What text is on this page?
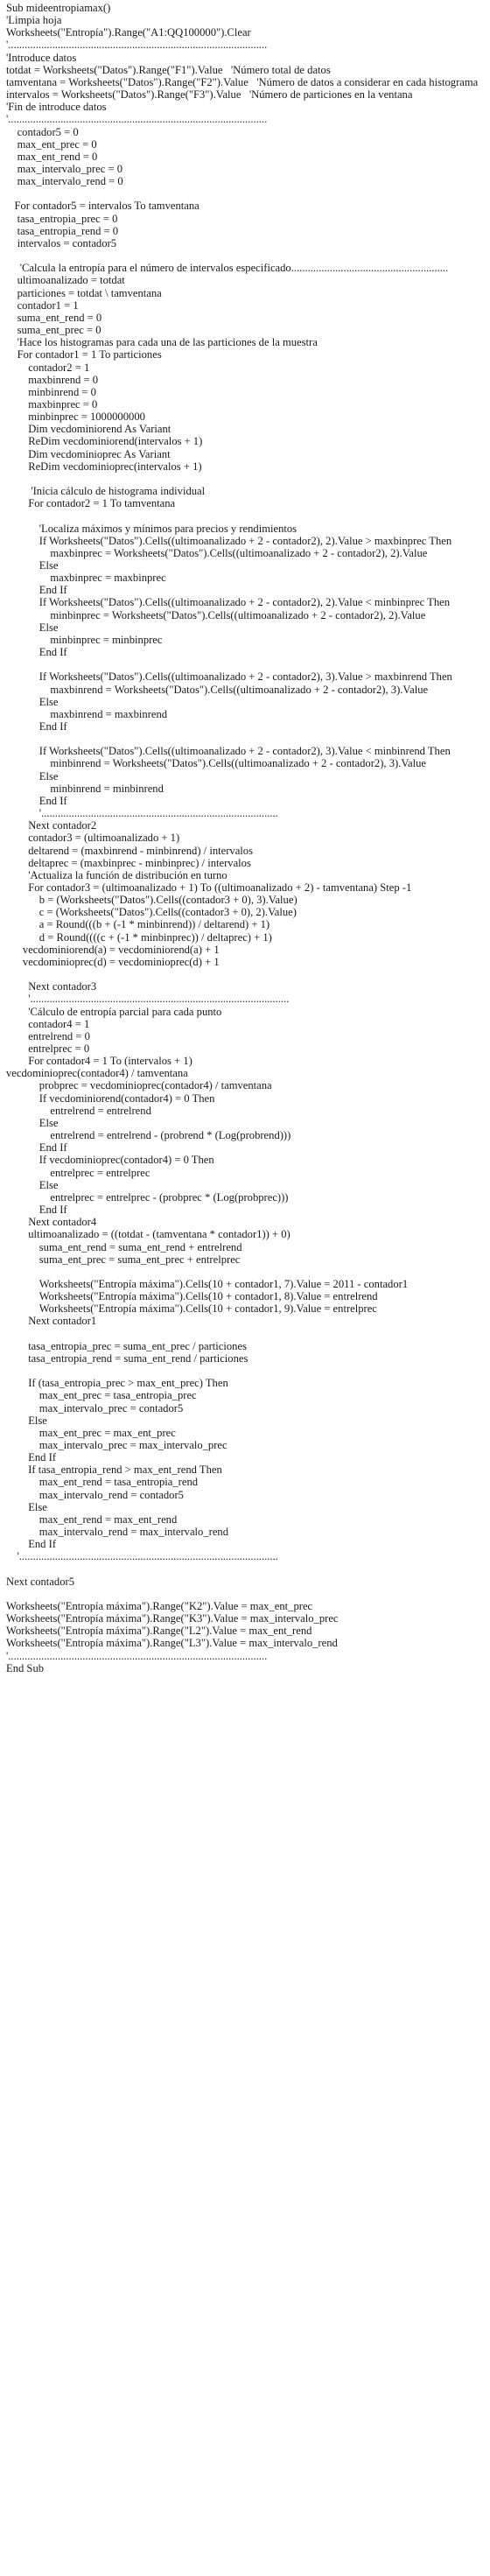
Sub mideentropiamax()
'Limpia hoja
Worksheets("Entropía").Range("A1:QQ100000").Clear
'..............................................................................................
'Introduce datos
totdat = Worksheets("Datos").Range("F1").Value   'Número total de datos
tamventana = Worksheets("Datos").Range("F2").Value   'Número de datos a considerar en cada histograma
intervalos = Worksheets("Datos").Range("F3").Value   'Número de particiones en la ventana
'Fin de introduce datos
'..............................................................................................
contador5 = 0
max_ent_prec = 0
max_ent_rend = 0
max_intervalo_prec = 0
max_intervalo_rend = 0
For contador5 = intervalos To tamventana
tasa_entropia_prec = 0
tasa_entropia_rend = 0
intervalos = contador5
'Calcula la entropía para el número de intervalos especificado.........................................................
ultimoanalizado = totdat
particiones = totdat \ tamventana
contador1 = 1
suma_ent_rend = 0
suma_ent_prec = 0
'Hace los histogramas para cada una de las particiones de la muestra
For contador1 = 1 To particiones
contador2 = 1
maxbinrend = 0
minbinrend = 0
maxbinprec = 0
minbinprec = 1000000000
Dim vecdominiorend As Variant
ReDim vecdominiorend(intervalos + 1)
Dim vecdominioprec As Variant
ReDim vecdominioprec(intervalos + 1)
'Inicia cálculo de histograma individual
For contador2 = 1 To tamventana
'Localiza máximos y mínimos para precios y rendimientos
If Worksheets("Datos").Cells((ultimoanalizado + 2 - contador2), 2).Value > maxbinprec Then
maxbinprec = Worksheets("Datos").Cells((ultimoanalizado + 2 - contador2), 2).Value
Else
maxbinprec = maxbinprec
End If
If Worksheets("Datos").Cells((ultimoanalizado + 2 - contador2), 2).Value < minbinprec Then
minbinprec = Worksheets("Datos").Cells((ultimoanalizado + 2 - contador2), 2).Value
Else
minbinprec = minbinprec
End If
If Worksheets("Datos").Cells((ultimoanalizado + 2 - contador2), 3).Value > maxbinrend Then
maxbinrend = Worksheets("Datos").Cells((ultimoanalizado + 2 - contador2), 3).Value
Else
maxbinrend = maxbinrend
End If
If Worksheets("Datos").Cells((ultimoanalizado + 2 - contador2), 3).Value < minbinrend Then
minbinrend = Worksheets("Datos").Cells((ultimoanalizado + 2 - contador2), 3).Value
Else
minbinrend = minbinrend
End If
'......................................................................................
Next contador2
contador3 = (ultimoanalizado + 1)
deltarend = (maxbinrend - minbinrend) / intervalos
deltaprec = (maxbinprec - minbinprec) / intervalos
'Actualiza la función de distribución en turno
For contador3 = (ultimoanalizado + 1) To ((ultimoanalizado + 2) - tamventana) Step -1
b = (Worksheets("Datos").Cells((contador3 + 0), 3).Value)
c = (Worksheets("Datos").Cells((contador3 + 0), 2).Value)
a = Round(((b + (-1 * minbinrend)) / deltarend) + 1)
d = Round((((c + (-1 * minbinprec)) / deltaprec) + 1)
vecdominiorend(a) = vecdominiorend(a) + 1
vecdominioprec(d) = vecdominioprec(d) + 1
Next contador3
'..............................................................................................
'Cálculo de entropía parcial para cada punto
contador4 = 1
entrelrend = 0
entrelprec = 0
For contador4 = 1 To (intervalos + 1)
vecdominioprec(contador4) / tamventana
probprec = vecdominioprec(contador4) / tamventana
If vecdominiorend(contador4) = 0 Then
entrelrend = entrelrend
Else
entrelrend = entrelrend - (probrend * (Log(probrend)))
End If
If vecdominioprec(contador4) = 0 Then
entrelprec = entrelprec
Else
entrelprec = entrelprec - (probprec * (Log(probprec)))
End If
Next contador4
ultimoanalizado = ((totdat - (tamventana * contador1)) + 0)
suma_ent_rend = suma_ent_rend + entrelrend
suma_ent_prec = suma_ent_prec + entrelprec
Worksheets("Entropía máxima").Cells(10 + contador1, 7).Value = 2011 - contador1
Worksheets("Entropía máxima").Cells(10 + contador1, 8).Value = entrelrend
Worksheets("Entropía máxima").Cells(10 + contador1, 9).Value = entrelprec
Next contador1
tasa_entropia_prec = suma_ent_prec / particiones
tasa_entropia_rend = suma_ent_rend / particiones
If (tasa_entropia_prec > max_ent_prec) Then
max_ent_prec = tasa_entropia_prec
max_intervalo_prec = contador5
Else
max_ent_prec = max_ent_prec
max_intervalo_prec = max_intervalo_prec
End If
If tasa_entropia_rend > max_ent_rend Then
max_ent_rend = tasa_entropia_rend
max_intervalo_rend = contador5
Else
max_ent_rend = max_ent_rend
max_intervalo_rend = max_intervalo_rend
End If
'..............................................................................................
Next contador5
Worksheets("Entropía máxima").Range("K2").Value = max_ent_prec
Worksheets("Entropía máxima").Range("K3").Value = max_intervalo_prec
Worksheets("Entropía máxima").Range("L2").Value = max_ent_rend
Worksheets("Entropía máxima").Range("L3").Value = max_intervalo_rend
'..............................................................................................
End Sub
